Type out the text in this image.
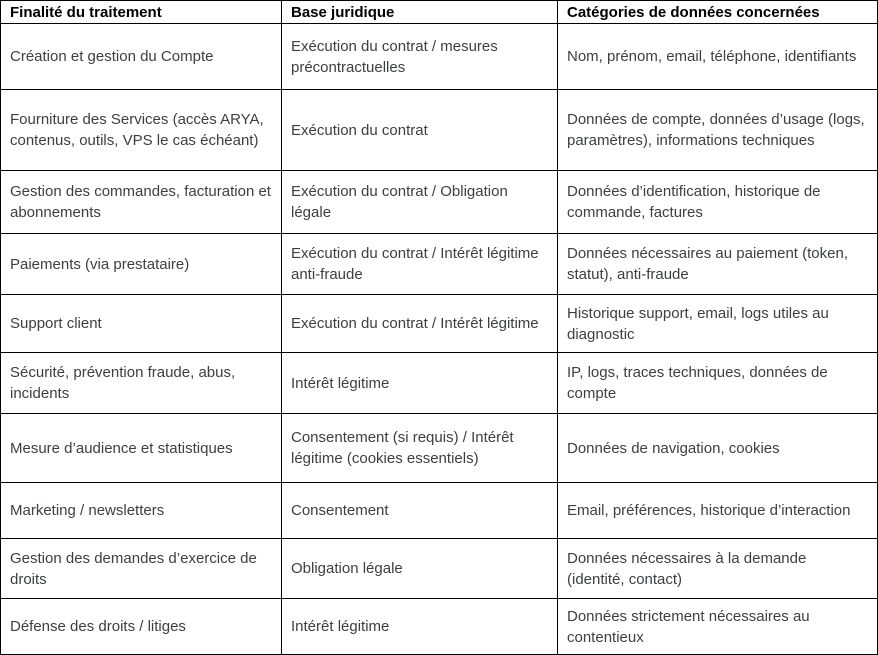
Finalité du traitement	Base juridique	Catégories de données concernées
Création et gestion du Compte	Exécution du contrat / mesures précontractuelles	Nom, prénom, email, téléphone, identifiants
Fourniture des Services (accès ARYA, contenus, outils, VPS le cas échéant)	Exécution du contrat	Données de compte, données d’usage (logs, paramètres), informations techniques
Gestion des commandes, facturation et abonnements	Exécution du contrat / Obligation légale	Données d’identification, historique de commande, factures
Paiements (via prestataire)	Exécution du contrat / Intérêt légitime anti-fraude	Données nécessaires au paiement (token, statut), anti-fraude
Support client	Exécution du contrat / Intérêt légitime	Historique support, email, logs utiles au diagnostic
Sécurité, prévention fraude, abus, incidents	Intérêt légitime	IP, logs, traces techniques, données de compte
Mesure d’audience et statistiques	Consentement (si requis) / Intérêt légitime (cookies essentiels)	Données de navigation, cookies
Marketing / newsletters	Consentement	Email, préférences, historique d’interaction
Gestion des demandes d’exercice de droits	Obligation légale	Données nécessaires à la demande (identité, contact)
Défense des droits / litiges	Intérêt légitime	Données strictement nécessaires au contentieux
